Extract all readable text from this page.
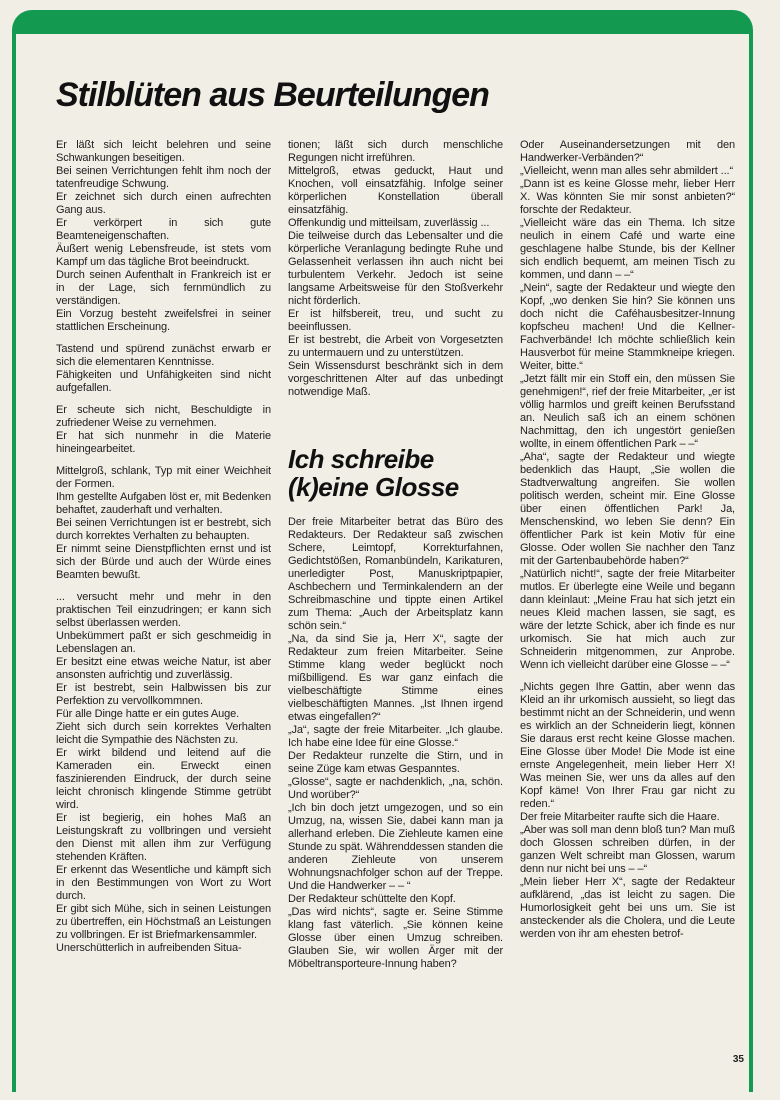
Stilblüten aus Beurteilungen

Er läßt sich leicht belehren und seine Schwankungen beseitigen.

Bei seinen Verrichtungen fehlt ihm noch der tatenfreudige Schwung.

Er zeichnet sich durch einen aufrechten Gang aus.

Er verkörpert in sich gute Beamteneigenschaften.

Äußert wenig Lebensfreude, ist stets vom Kampf um das tägliche Brot beeindruckt.

Durch seinen Aufenthalt in Frankreich ist er in der Lage, sich fernmündlich zu verständigen.

Ein Vorzug besteht zweifelsfrei in seiner stattlichen Erscheinung.

Tastend und spürend zunächst erwarb er sich die elementaren Kenntnisse.

Fähigkeiten und Unfähigkeiten sind nicht aufgefallen.

Er scheute sich nicht, Beschuldigte in zufriedener Weise zu vernehmen.

Er hat sich nunmehr in die Materie hineingearbeitet.

Mittelgroß, schlank, Typ mit einer Weichheit der Formen.

Ihm gestellte Aufgaben löst er, mit Bedenken behaftet, zauderhaft und verhalten.

Bei seinen Verrichtungen ist er bestrebt, sich durch korrektes Verhalten zu behaupten.

Er nimmt seine Dienstpflichten ernst und ist sich der Bürde und auch der Würde eines Beamten bewußt.

... versucht mehr und mehr in den praktischen Teil einzudringen; er kann sich selbst überlassen werden.

Unbekümmert paßt er sich geschmeidig in Lebenslagen an.

Er besitzt eine etwas weiche Natur, ist aber ansonsten aufrichtig und zuverlässig.

Er ist bestrebt, sein Halbwissen bis zur Perfektion zu vervollkommnen.

Für alle Dinge hatte er ein gutes Auge.

Zieht sich durch sein korrektes Verhalten leicht die Sympathie des Nächsten zu.

Er wirkt bildend und leitend auf die Kameraden ein. Erweckt einen faszinierenden Eindruck, der durch seine leicht chronisch klingende Stimme getrübt wird.

Er ist begierig, ein hohes Maß an Leistungskraft zu vollbringen und versieht den Dienst mit allen ihm zur Verfügung stehenden Kräften.

Er erkennt das Wesentliche und kämpft sich in den Bestimmungen von Wort zu Wort durch.

Er gibt sich Mühe, sich in seinen Leistungen zu übertreffen, ein Höchstmaß an Leistungen zu vollbringen. Er ist Briefmarkensammler.

Unerschütterlich in aufreibenden Situa-

tionen; läßt sich durch menschliche Regungen nicht irreführen.

Mittelgroß, etwas geduckt, Haut und Knochen, voll einsatzfähig. Infolge seiner körperlichen Konstellation überall einsatzfähig.

Offenkundig und mitteilsam, zuverlässig ...

Die teilweise durch das Lebensalter und die körperliche Veranlagung bedingte Ruhe und Gelassenheit verlassen ihn auch nicht bei turbulentem Verkehr. Jedoch ist seine langsame Arbeitsweise für den Stoßverkehr nicht förderlich.

Er ist hilfsbereit, treu, und sucht zu beeinflussen.

Er ist bestrebt, die Arbeit von Vorgesetzten zu untermauern und zu unterstützen.

Sein Wissensdurst beschränkt sich in dem vorgeschrittenen Alter auf das unbedingt notwendige Maß.

Ich schreibe
(k)eine Glosse

Der freie Mitarbeiter betrat das Büro des Redakteurs. Der Redakteur saß zwischen Schere, Leimtopf, Korrekturfahnen, Gedichtstößen, Romanbündeln, Karikaturen, unerledigter Post, Manuskriptpapier, Aschbechern und Terminkalendern an der Schreibmaschine und tippte einen Artikel zum Thema: „Auch der Arbeitsplatz kann schön sein.“

„Na, da sind Sie ja, Herr X“, sagte der Redakteur zum freien Mitarbeiter. Seine Stimme klang weder beglückt noch mißbilligend. Es war ganz einfach die vielbeschäftigte Stimme eines vielbeschäftigten Mannes. „Ist Ihnen irgend etwas eingefallen?“

„Ja“, sagte der freie Mitarbeiter. „Ich glaube. Ich habe eine Idee für eine Glosse.“

Der Redakteur runzelte die Stirn, und in seine Züge kam etwas Gespanntes.

„Glosse“, sagte er nachdenklich, „na, schön. Und worüber?“

„Ich bin doch jetzt umgezogen, und so ein Umzug, na, wissen Sie, dabei kann man ja allerhand erleben. Die Ziehleute kamen eine Stunde zu spät. Währenddessen standen die anderen Ziehleute von unserem Wohnungsnachfolger schon auf der Treppe. Und die Handwerker – – “

Der Redakteur schüttelte den Kopf.

„Das wird nichts“, sagte er. Seine Stimme klang fast väterlich. „Sie können keine Glosse über einen Umzug schreiben. Glauben Sie, wir wollen Ärger mit der Möbeltransporteure-Innung haben?

Oder Auseinandersetzungen mit den Handwerker-Verbänden?“

„Vielleicht, wenn man alles sehr abmildert ...“

„Dann ist es keine Glosse mehr, lieber Herr X. Was könnten Sie mir sonst anbieten?“ forschte der Redakteur.

„Vielleicht wäre das ein Thema. Ich sitze neulich in einem Café und warte eine geschlagene halbe Stunde, bis der Kellner sich endlich bequemt, am meinen Tisch zu kommen, und dann – –“

„Nein“, sagte der Redakteur und wiegte den Kopf, „wo denken Sie hin? Sie können uns doch nicht die Caféhausbesitzer-Innung kopfscheu machen! Und die Kellner-Fachverbände! Ich möchte schließlich kein Hausverbot für meine Stammkneipe kriegen. Weiter, bitte.“

„Jetzt fällt mir ein Stoff ein, den müssen Sie genehmigen!“, rief der freie Mitarbeiter, „er ist völlig harmlos und greift keinen Berufsstand an. Neulich saß ich an einem schönen Nachmittag, den ich ungestört genießen wollte, in einem öffentlichen Park – –“

„Aha“, sagte der Redakteur und wiegte bedenklich das Haupt, „Sie wollen die Stadtverwaltung angreifen. Sie wollen politisch werden, scheint mir. Eine Glosse über einen öffentlichen Park! Ja, Menschenskind, wo leben Sie denn? Ein öffentlicher Park ist kein Motiv für eine Glosse. Oder wollen Sie nachher den Tanz mit der Gartenbaubehörde haben?“

„Natürlich nicht!“, sagte der freie Mitarbeiter mutlos. Er überlegte eine Weile und begann dann kleinlaut: „Meine Frau hat sich jetzt ein neues Kleid machen lassen, sie sagt, es wäre der letzte Schick, aber ich finde es nur urkomisch. Sie hat mich auch zur Schneiderin mitgenommen, zur Anprobe. Wenn ich vielleicht darüber eine Glosse – –“

„Nichts gegen Ihre Gattin, aber wenn das Kleid an ihr urkomisch aussieht, so liegt das bestimmt nicht an der Schneiderin, und wenn es wirklich an der Schneiderin liegt, können Sie daraus erst recht keine Glosse machen. Eine Glosse über Mode! Die Mode ist eine ernste Angelegenheit, mein lieber Herr X! Was meinen Sie, wer uns da alles auf den Kopf käme! Von Ihrer Frau gar nicht zu reden.“

Der freie Mitarbeiter raufte sich die Haare.

„Aber was soll man denn bloß tun? Man muß doch Glossen schreiben dürfen, in der ganzen Welt schreibt man Glossen, warum denn nur nicht bei uns – –“

„Mein lieber Herr X“, sagte der Redakteur aufklärend, „das ist leicht zu sagen. Die Humorlosigkeit geht bei uns um. Sie ist ansteckender als die Cholera, und die Leute werden von ihr am ehesten betrof-

35
